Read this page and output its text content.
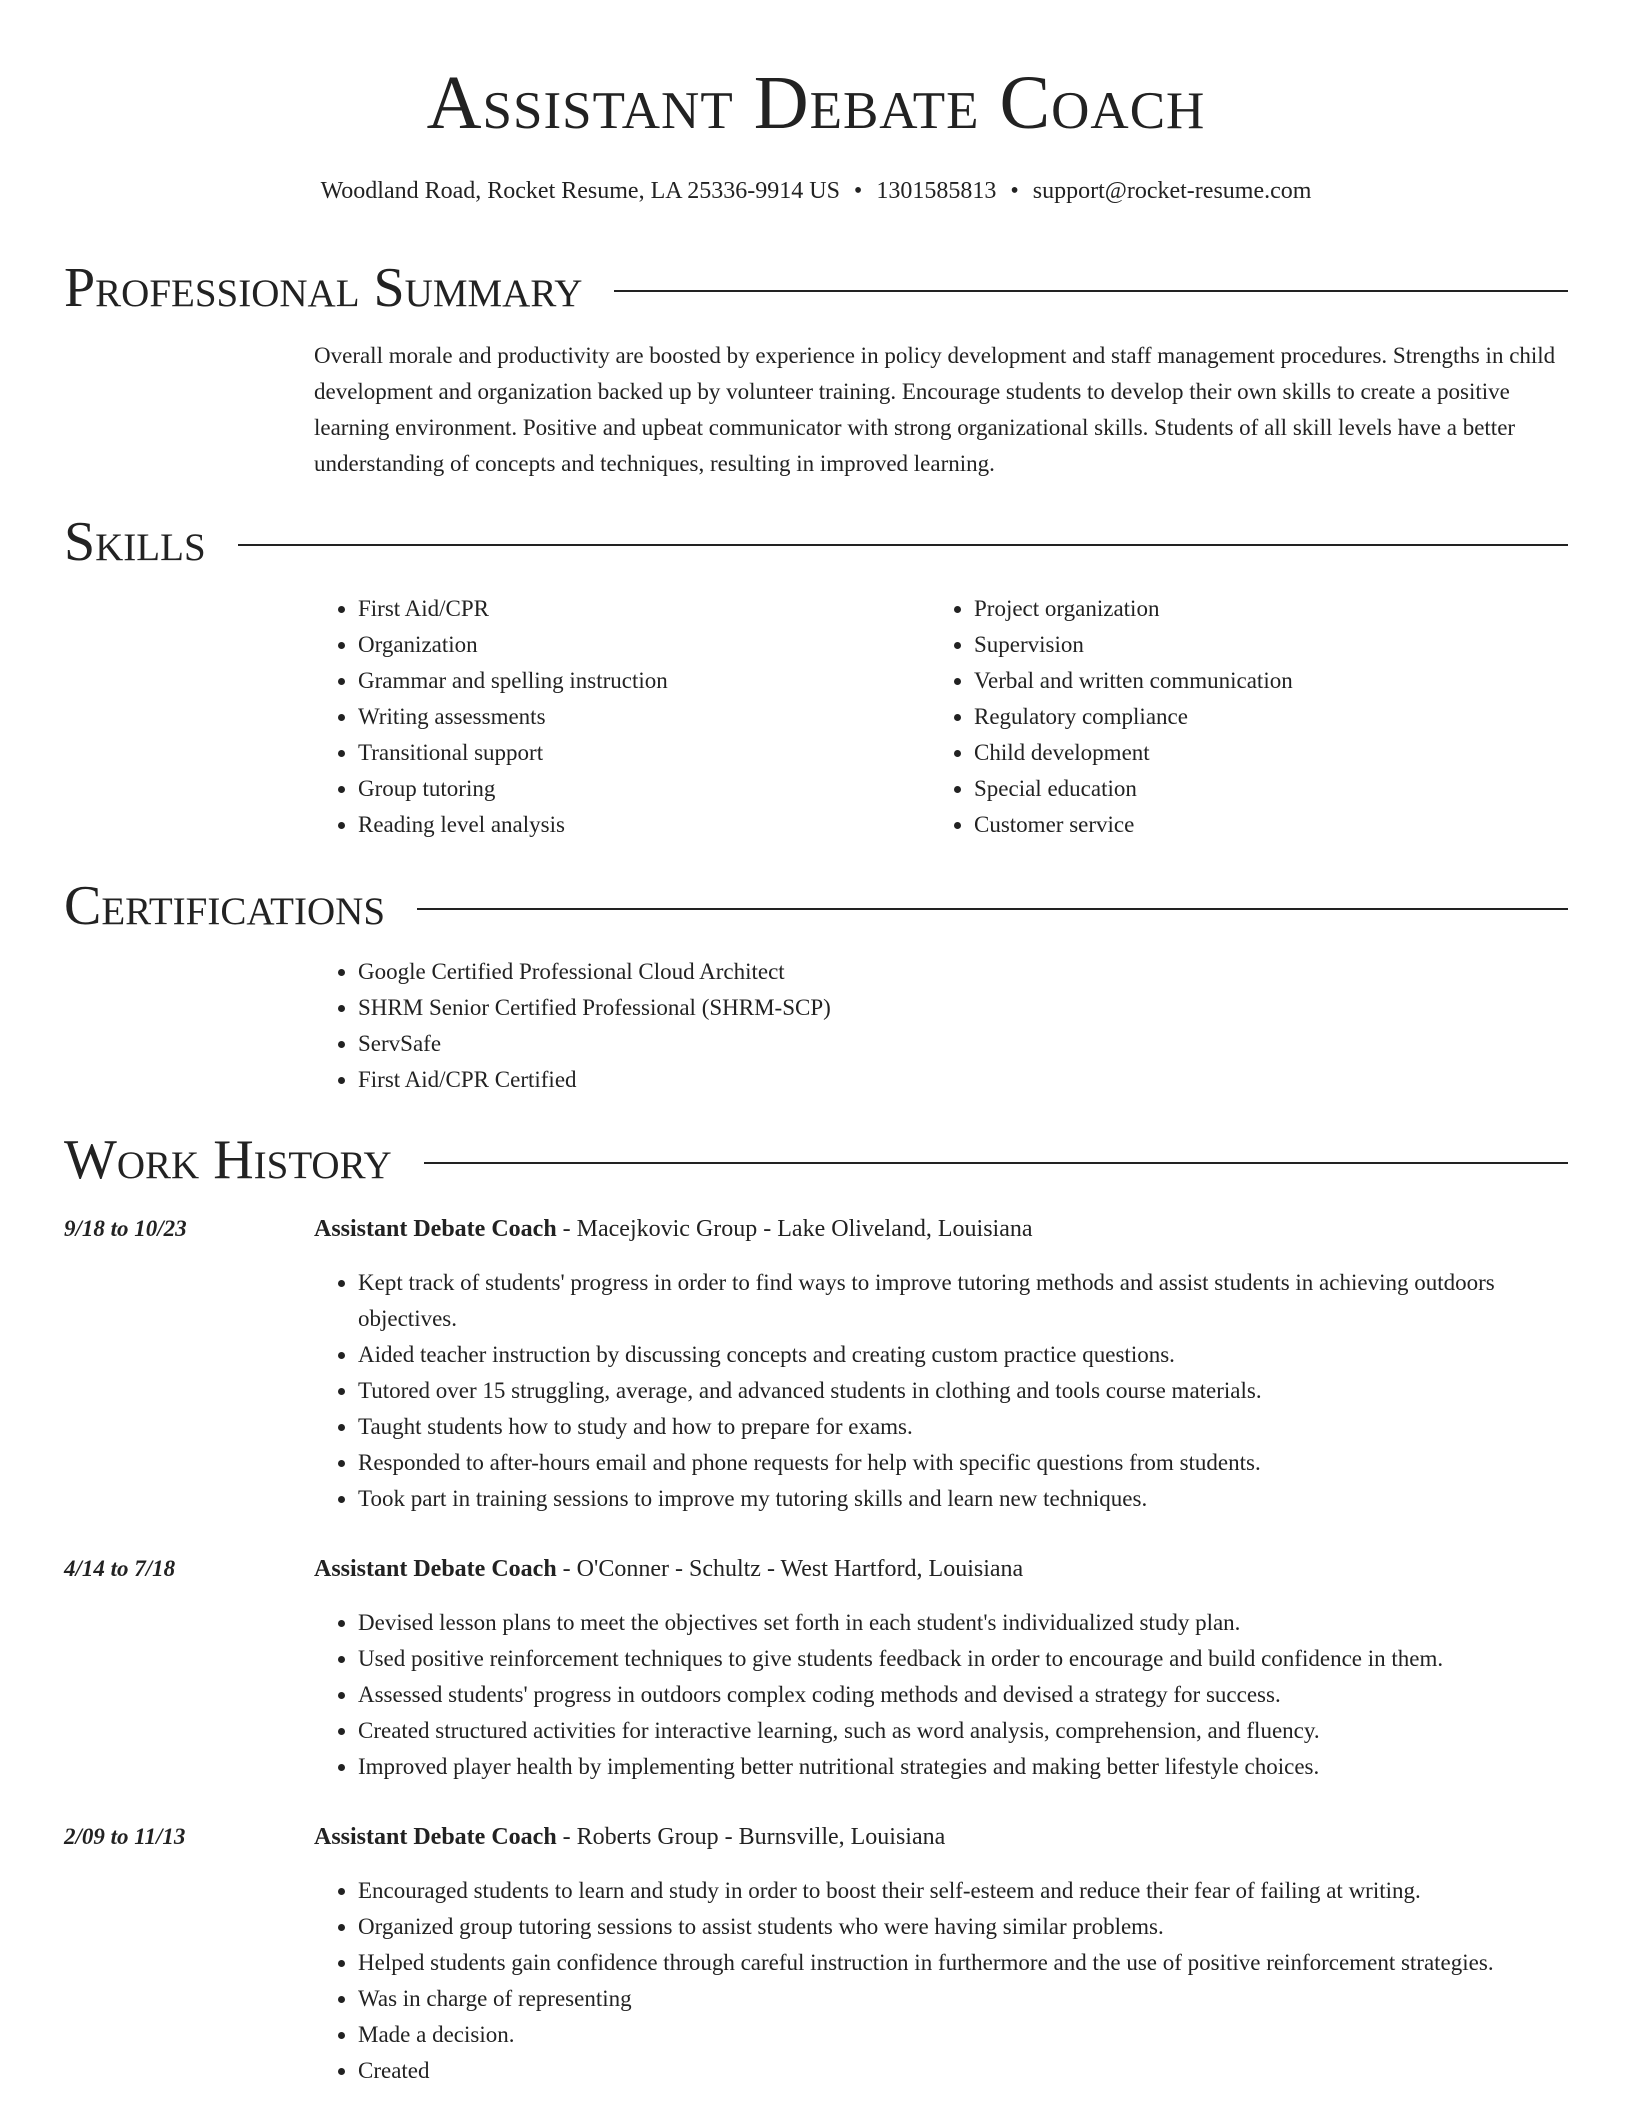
Assistant Debate Coach
Woodland Road, Rocket Resume, LA 25336-9914 US • 1301585813 • support@rocket-resume.com
Professional Summary

Overall morale and productivity are boosted by experience in policy development and staff management procedures. Strengths in child development and organization backed up by volunteer training. Encourage students to develop their own skills to create a positive learning environment. Positive and upbeat communicator with strong organizational skills. Students of all skill levels have a better understanding of concepts and techniques, resulting in improved learning.

Skills
• First Aid/CPR
• Organization
• Grammar and spelling instruction
• Writing assessments
• Transitional support
• Group tutoring
• Reading level analysis
• Project organization
• Supervision
• Verbal and written communication
• Regulatory compliance
• Child development
• Special education
• Customer service
Certifications
• Google Certified Professional Cloud Architect
• SHRM Senior Certified Professional (SHRM-SCP)
• ServSafe
• First Aid/CPR Certified
Work History
9/18 to 10/23	Assistant Debate Coach - Macejkovic Group - Lake Oliveland, Louisiana
• Kept track of students' progress in order to find ways to improve tutoring methods and assist students in achieving outdoors objectives.
• Aided teacher instruction by discussing concepts and creating custom practice questions.
• Tutored over 15 struggling, average, and advanced students in clothing and tools course materials.
• Taught students how to study and how to prepare for exams.
• Responded to after-hours email and phone requests for help with specific questions from students.
• Took part in training sessions to improve my tutoring skills and learn new techniques.
4/14 to 7/18	Assistant Debate Coach - O'Conner - Schultz - West Hartford, Louisiana
• Devised lesson plans to meet the objectives set forth in each student's individualized study plan.
• Used positive reinforcement techniques to give students feedback in order to encourage and build confidence in them.
• Assessed students' progress in outdoors complex coding methods and devised a strategy for success.
• Created structured activities for interactive learning, such as word analysis, comprehension, and fluency.
• Improved player health by implementing better nutritional strategies and making better lifestyle choices.
2/09 to 11/13	Assistant Debate Coach - Roberts Group - Burnsville, Louisiana
• Encouraged students to learn and study in order to boost their self-esteem and reduce their fear of failing at writing.
• Organized group tutoring sessions to assist students who were having similar problems.
• Helped students gain confidence through careful instruction in furthermore and the use of positive reinforcement strategies.
• Was in charge of representing
• Made a decision.
• Created
